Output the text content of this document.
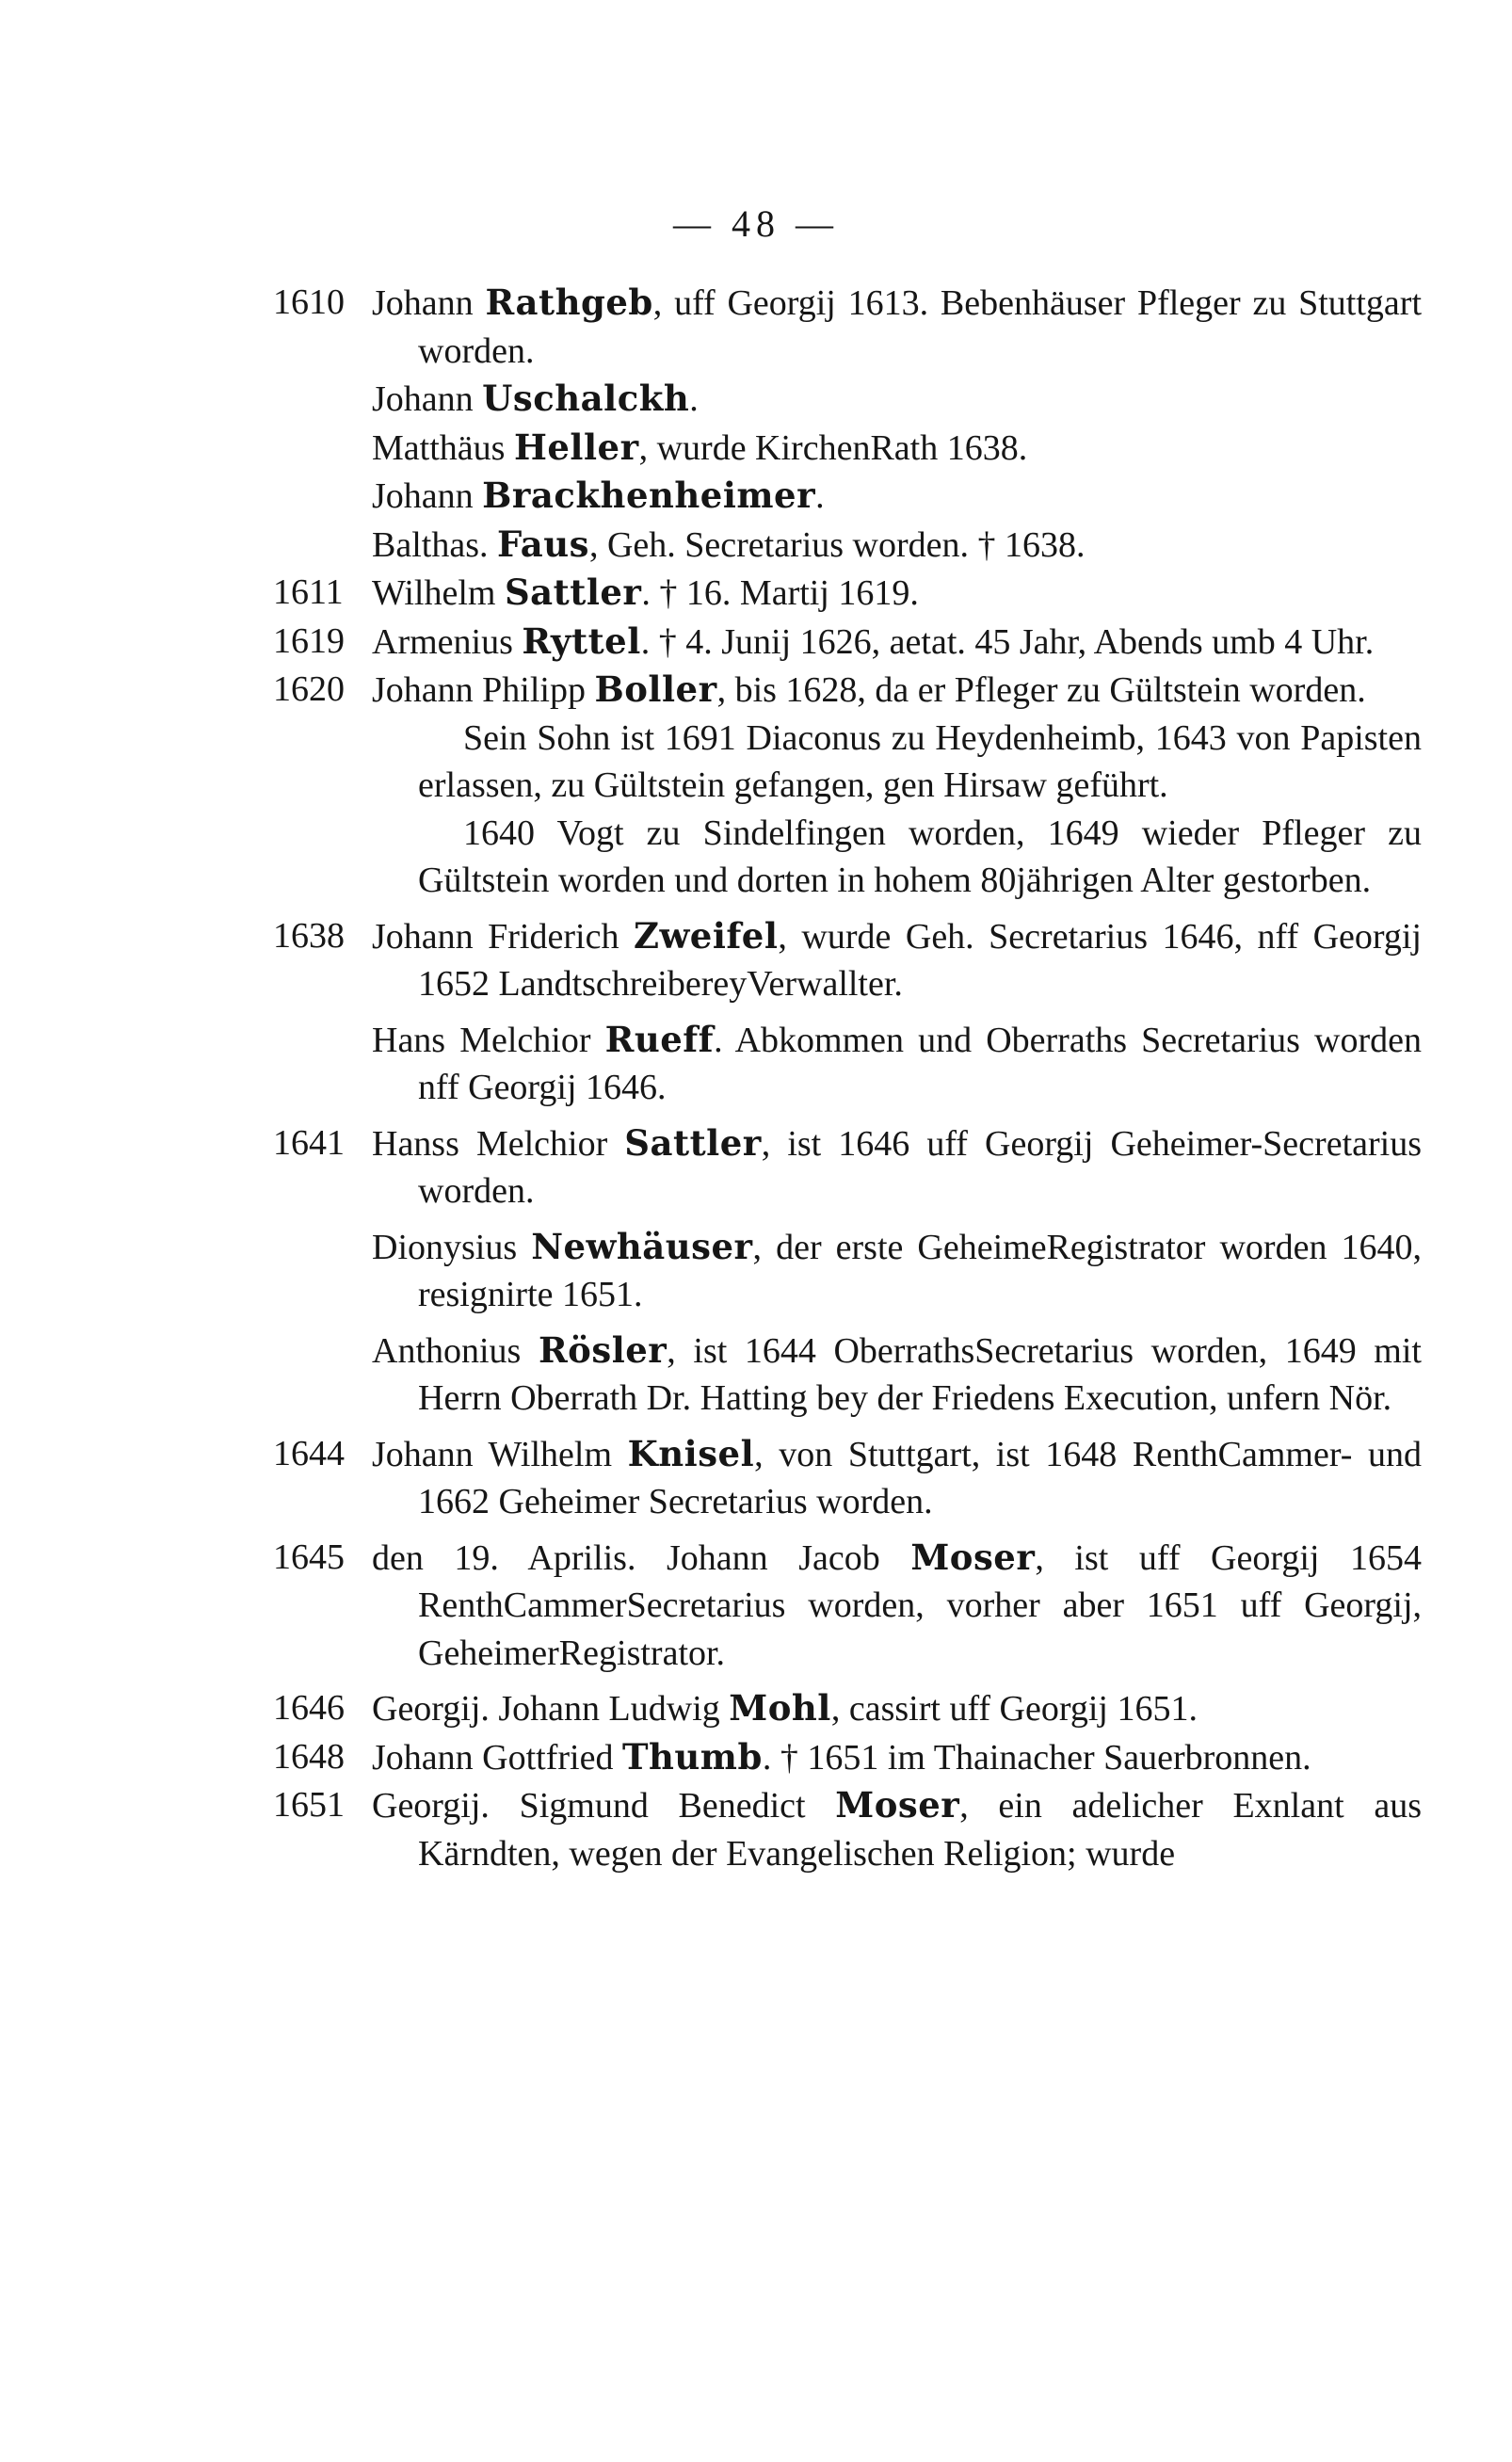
— 48 —
1610 Johann Rathgeb, uff Georgij 1613. Bebenhäuser Pfleger zu Stuttgart worden.
Johann Uschalckh.
Matthäus Heller, wurde KirchenRath 1638.
Johann Brackhenheimer.
Balthas. Faus, Geh. Secretarius worden. † 1638.
1611 Wilhelm Sattler. † 16. Martij 1619.
1619 Armenius Ryttel. † 4. Junij 1626, aetat. 45 Jahr, Abends umb 4 Uhr.
1620 Johann Philipp Boller, bis 1628, da er Pfleger zu Gültstein worden.
Sein Sohn ist 1691 Diaconus zu Heydenheimb, 1643 von Papisten erlassen, zu Gültstein gefangen, gen Hirsaw geführt.
1640 Vogt zu Sindelfingen worden, 1649 wieder Pfleger zu Gültstein worden und dorten in hohem 80jährigen Alter gestorben.
1638 Johann Friderich Zweifel, wurde Geh. Secretarius 1646, nff Georgij 1652 LandtschreibereyVerwallter.
Hans Melchior Rueff. Abkommen und Oberraths Secretarius worden nff Georgij 1646.
1641 Hanss Melchior Sattler, ist 1646 uff Georgij Geheimer-Secretarius worden.
Dionysius Newhäuser, der erste GeheimeRegistrator worden 1640, resignirte 1651.
Anthonius Rösler, ist 1644 OberrathsSecretarius worden, 1649 mit Herrn Oberrath Dr. Hatting bey der Friedens Execution, unfern Nör.
1644 Johann Wilhelm Knisel, von Stuttgart, ist 1648 RenthCammer- und 1662 Geheimer Secretarius worden.
1645 den 19. Aprilis. Johann Jacob Moser, ist uff Georgij 1654 RenthCammerSecretarius worden, vorher aber 1651 uff Georgij, GeheimerRegistrator.
1646 Georgij. Johann Ludwig Mohl, cassirt uff Georgij 1651.
1648 Johann Gottfried Thumb. † 1651 im Thainacher Sauerbronnen.
1651 Georgij. Sigmund Benedict Moser, ein adelicher Exnlant aus Kärndten, wegen der Evangelischen Religion; wurde
